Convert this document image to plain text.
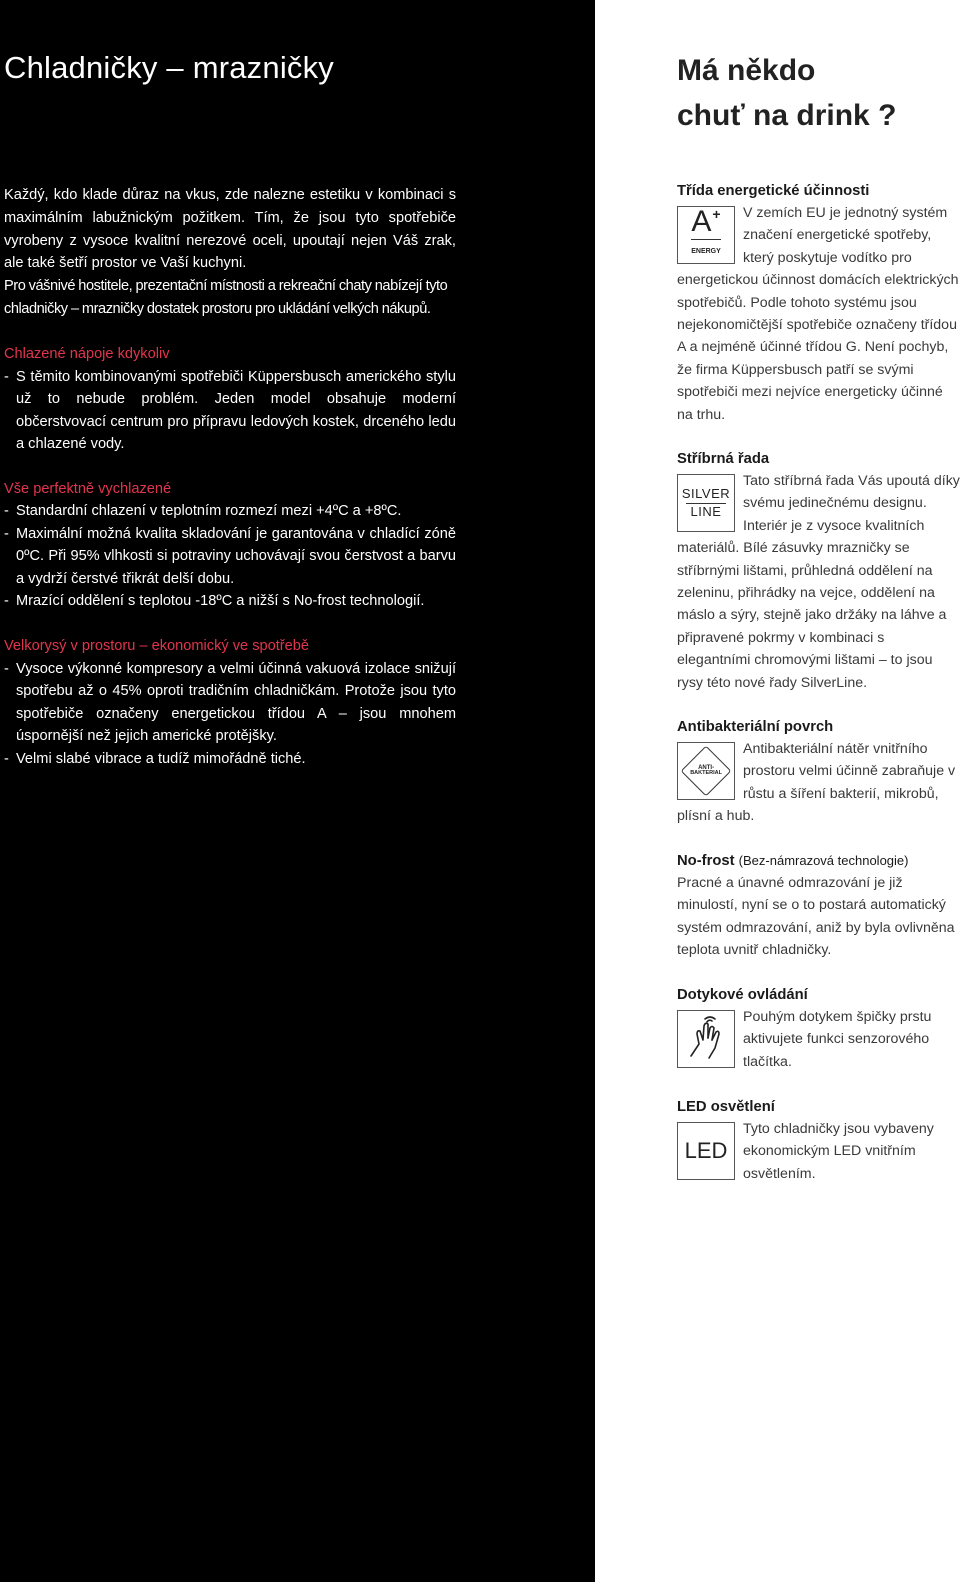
Chladničky – mrazničky

Každý, kdo klade důraz na vkus, zde nalezne estetiku v kombinaci s maximálním labužnickým požitkem. Tím, že jsou tyto spotřebiče vyrobeny z vysoce kvalitní nerezové oceli, upoutají nejen Váš zrak, ale také šetří prostor ve Vaší kuchyni.

Pro vášnivé hostitele, prezentační místnosti a rekreační chaty nabízejí tyto chladničky – mrazničky dostatek prostoru pro ukládání velkých nákupů.

Chlazené nápoje kdykoliv
- S těmito kombinovanými spotřebiči Küppersbusch amerického stylu už to nebude problém. Jeden model obsahuje moderní občerstvovací centrum pro přípravu ledových kostek, drceného ledu a chlazené vody.
Vše perfektně vychlazené
- Standardní chlazení v teplotním rozmezí mezi +4ºC a +8ºC.
- Maximální možná kvalita skladování je garantována v chladící zóně 0ºC. Při 95% vlhkosti si potraviny uchovávají svou čerstvost a barvu a vydrží čerstvé třikrát delší dobu.
- Mrazící oddělení s teplotou -18ºC a nižší s No-frost technologií.
Velkorysý v prostoru – ekonomický ve spotřebě
- Vysoce výkonné kompresory a velmi účinná vakuová izolace snižují spotřebu až o 45% oproti tradičním chladničkám. Protože jsou tyto spotřebiče označeny energetickou třídou A – jsou mnohem úspornější než jejich americké protějšky.
- Velmi slabé vibrace a tudíž mimořádně tiché.
Má někdo
chuť na drink ?
Třída energetické účinnosti
A +
ENERGY
V zemích EU je jednotný systém značení energetické spotřeby, který poskytuje vodítko pro energetickou účinnost domácích elektrických spotřebičů. Podle tohoto systému jsou nejekonomičtější spotřebiče označeny třídou A a nejméně účinné třídou G. Není pochyb, že firma Küppersbusch patří se svými spotřebiči mezi nejvíce energeticky účinné na trhu.
Stříbrná řada
SILVER
LINE
Tato stříbrná řada Vás upoutá díky svému jedinečnému designu. Interiér je z vysoce kvalitních materiálů. Bílé zásuvky mrazničky se stříbrnými lištami, průhledná oddělení na zeleninu, přihrádky na vejce, oddělení na máslo a sýry, stejně jako držáky na láhve a připravené pokrmy v kombinaci s elegantními chromovými lištami – to jsou rysy této nové řady SilverLine.
Antibakteriální povrch
ANTI-
BAKTERIAL
Antibakteriální nátěr vnitřního prostoru velmi účinně zabraňuje v růstu a šíření bakterií, mikrobů, plísní a hub.
No-frost (Bez-námrazová technologie)
Pracné a únavné odmrazování je již minulostí, nyní se o to postará automatický systém odmrazování, aniž by byla ovlivněna teplota uvnitř chladničky.
Dotykové ovládání
Pouhým dotykem špičky prstu aktivujete funkci senzorového tlačítka.
LED osvětlení
LED
Tyto chladničky jsou vybaveny ekonomickým LED vnitřním osvětlením.
